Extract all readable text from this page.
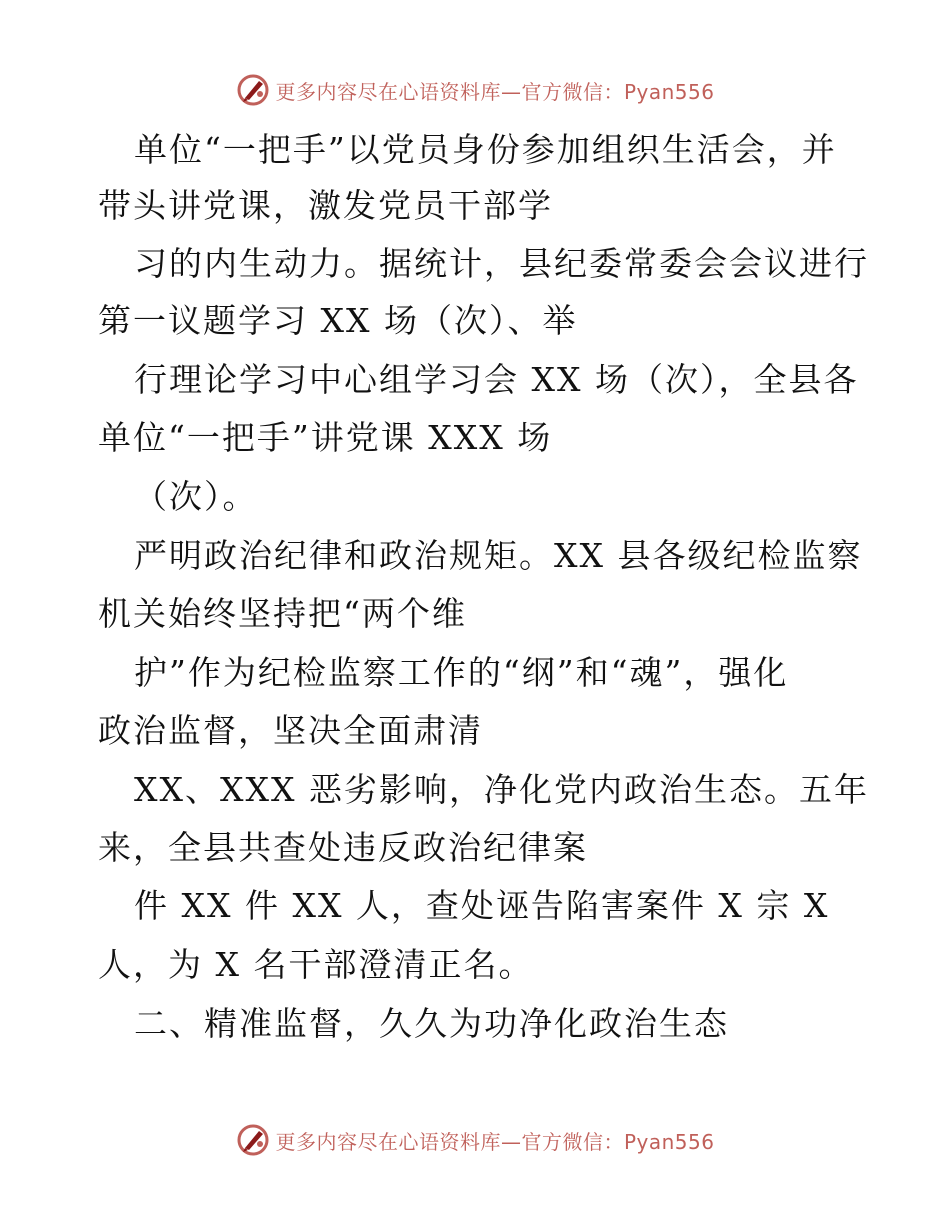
更多内容尽在心语资料库—官方微信：Pyan556
单位“一把手”以党员身份参加组织生活会，并
带头讲党课，激发党员干部学
习的内生动力。据统计，县纪委常委会会议进行
第一议题学习 XX 场（次）、举
行理论学习中心组学习会 XX 场（次），全县各
单位“一把手”讲党课 XXX 场
（次）。
严明政治纪律和政治规矩。XX 县各级纪检监察
机关始终坚持把“两个维
护”作为纪检监察工作的“纲”和“魂”，强化
政治监督，坚决全面肃清
XX、XXX 恶劣影响，净化党内政治生态。五年
来，全县共查处违反政治纪律案
件 XX 件 XX 人，查处诬告陷害案件 X 宗 X
人，为 X 名干部澄清正名。
二、精准监督，久久为功净化政治生态
更多内容尽在心语资料库—官方微信：Pyan556
